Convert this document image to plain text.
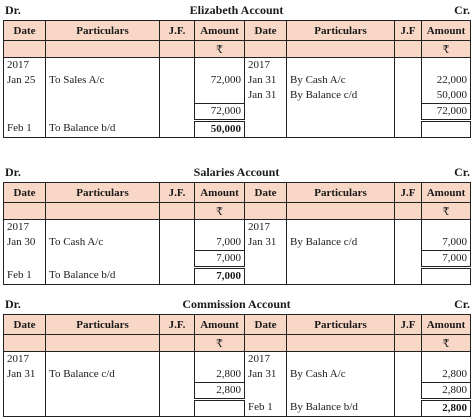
Dr.	Elizabeth Account	Cr.
Date	Particulars	J.F.	Amount	Date	Particulars	J.F	Amount
			₹				₹
2017				2017			
Jan 25	To Sales A/c		72,000	Jan 31	By Cash A/c		22,000
				Jan 31	By Balance c/d		50,000
			72,000				72,000
Feb 1	To Balance b/d		50,000				
Dr.	Salaries Account	Cr.
Date	Particulars	J.F.	Amount	Date	Particulars	J.F	Amount
			₹				₹
2017				2017			
Jan 30	To Cash A/c		7,000	Jan 31	By Balance c/d		7,000
			7,000				7,000
Feb 1	To Balance b/d		7,000				
Dr.	Commission Account	Cr.
Date	Particulars	J.F.	Amount	Date	Particulars	J.F	Amount
			₹				₹
2017				2017			
Jan 31	To Balance c/d		2,800	Jan 31	By Cash A/c		2,800
			2,800				2,800
				Feb 1	By Balance b/d		2,800
